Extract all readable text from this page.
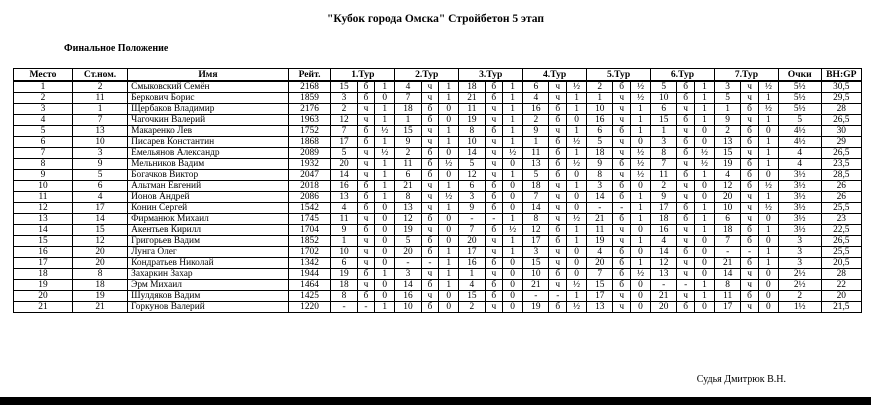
"Кубок города Омска" Стройбетон 5 этап
Финальное Положение
Место	Ст.ном.	Имя	Рейт.	1.Тур			2.Тур			3.Тур			4.Тур			5.Тур			6.Тур			7.Тур			Очки	BH:GP
1	2	Смыковский Семён	2168	15	б	1	4	ч	1	18	б	1	6	ч	½	2	б	½	5	б	1	3	ч	½	5½	30,5
2	11	Беркович Борис	1859	3	б	0	7	ч	1	21	б	1	4	ч	1	1	ч	½	10	б	1	5	ч	1	5½	29,5
3	1	Щербаков Владимир	2176	2	ч	1	18	б	0	11	ч	1	16	б	1	10	ч	1	6	ч	1	1	б	½	5½	28
4	7	Чагочкин Валерий	1963	12	ч	1	1	б	0	19	ч	1	2	б	0	16	ч	1	15	б	1	9	ч	1	5	26,5
5	13	Макаренко Лев	1752	7	б	½	15	ч	1	8	б	1	9	ч	1	6	б	1	1	ч	0	2	б	0	4½	30
6	10	Писарев Константин	1868	17	б	1	9	ч	1	10	ч	1	1	б	½	5	ч	0	3	б	0	13	б	1	4½	29
7	3	Емельянов Александр	2089	5	ч	½	2	б	0	14	ч	½	11	б	1	18	ч	½	8	б	½	15	ч	1	4	26,5
8	9	Мельников Вадим	1932	20	ч	1	11	б	½	5	ч	0	13	б	½	9	б	½	7	ч	½	19	б	1	4	23,5
9	5	Богачков Виктор	2047	14	ч	1	6	б	0	12	ч	1	5	б	0	8	ч	½	11	б	1	4	б	0	3½	28,5
10	6	Альтман Евгений	2018	16	б	1	21	ч	1	6	б	0	18	ч	1	3	б	0	2	ч	0	12	б	½	3½	26
11	4	Ионов Андрей	2086	13	б	1	8	ч	½	3	б	0	7	ч	0	14	б	1	9	ч	0	20	ч	1	3½	26
12	17	Конин Сергей	1542	4	б	0	13	ч	1	9	б	0	14	ч	0	-	-	1	17	б	1	10	ч	½	3½	25,5
13	14	Фирманюк Михаил	1745	11	ч	0	12	б	0	-	-	1	8	ч	½	21	б	1	18	б	1	6	ч	0	3½	23
14	15	Акентьев Кирилл	1704	9	б	0	19	ч	0	7	б	½	12	б	1	11	ч	0	16	ч	1	18	б	1	3½	22,5
15	12	Григорьев Вадим	1852	1	ч	0	5	б	0	20	ч	1	17	б	1	19	ч	1	4	ч	0	7	б	0	3	26,5
16	20	Лунга Олег	1702	10	ч	0	20	б	1	17	ч	1	3	ч	0	4	б	0	14	б	0	-	-	1	3	25,5
17	20	Кондратьев Николай	1342	6	ч	0	-	-	1	16	б	0	15	ч	0	20	б	1	12	ч	0	21	б	1	3	20,5
18	8	Захаркин Захар	1944	19	б	1	3	ч	1	1	ч	0	10	б	0	7	б	½	13	ч	0	14	ч	0	2½	28
19	18	Эрм Михаил	1464	18	ч	0	14	б	1	4	б	0	21	ч	½	15	б	0	-	-	1	8	ч	0	2½	22
20	19	Шулдяков Вадим	1425	8	б	0	16	ч	0	15	б	0	-	-	1	17	ч	0	21	ч	1	11	б	0	2	20
21	21	Горкунов Валерий	1220	-	-	1	10	б	0	2	ч	0	19	б	½	13	ч	0	20	б	0	17	ч	0	1½	21,5
Судья Дмитрюк В.Н.
